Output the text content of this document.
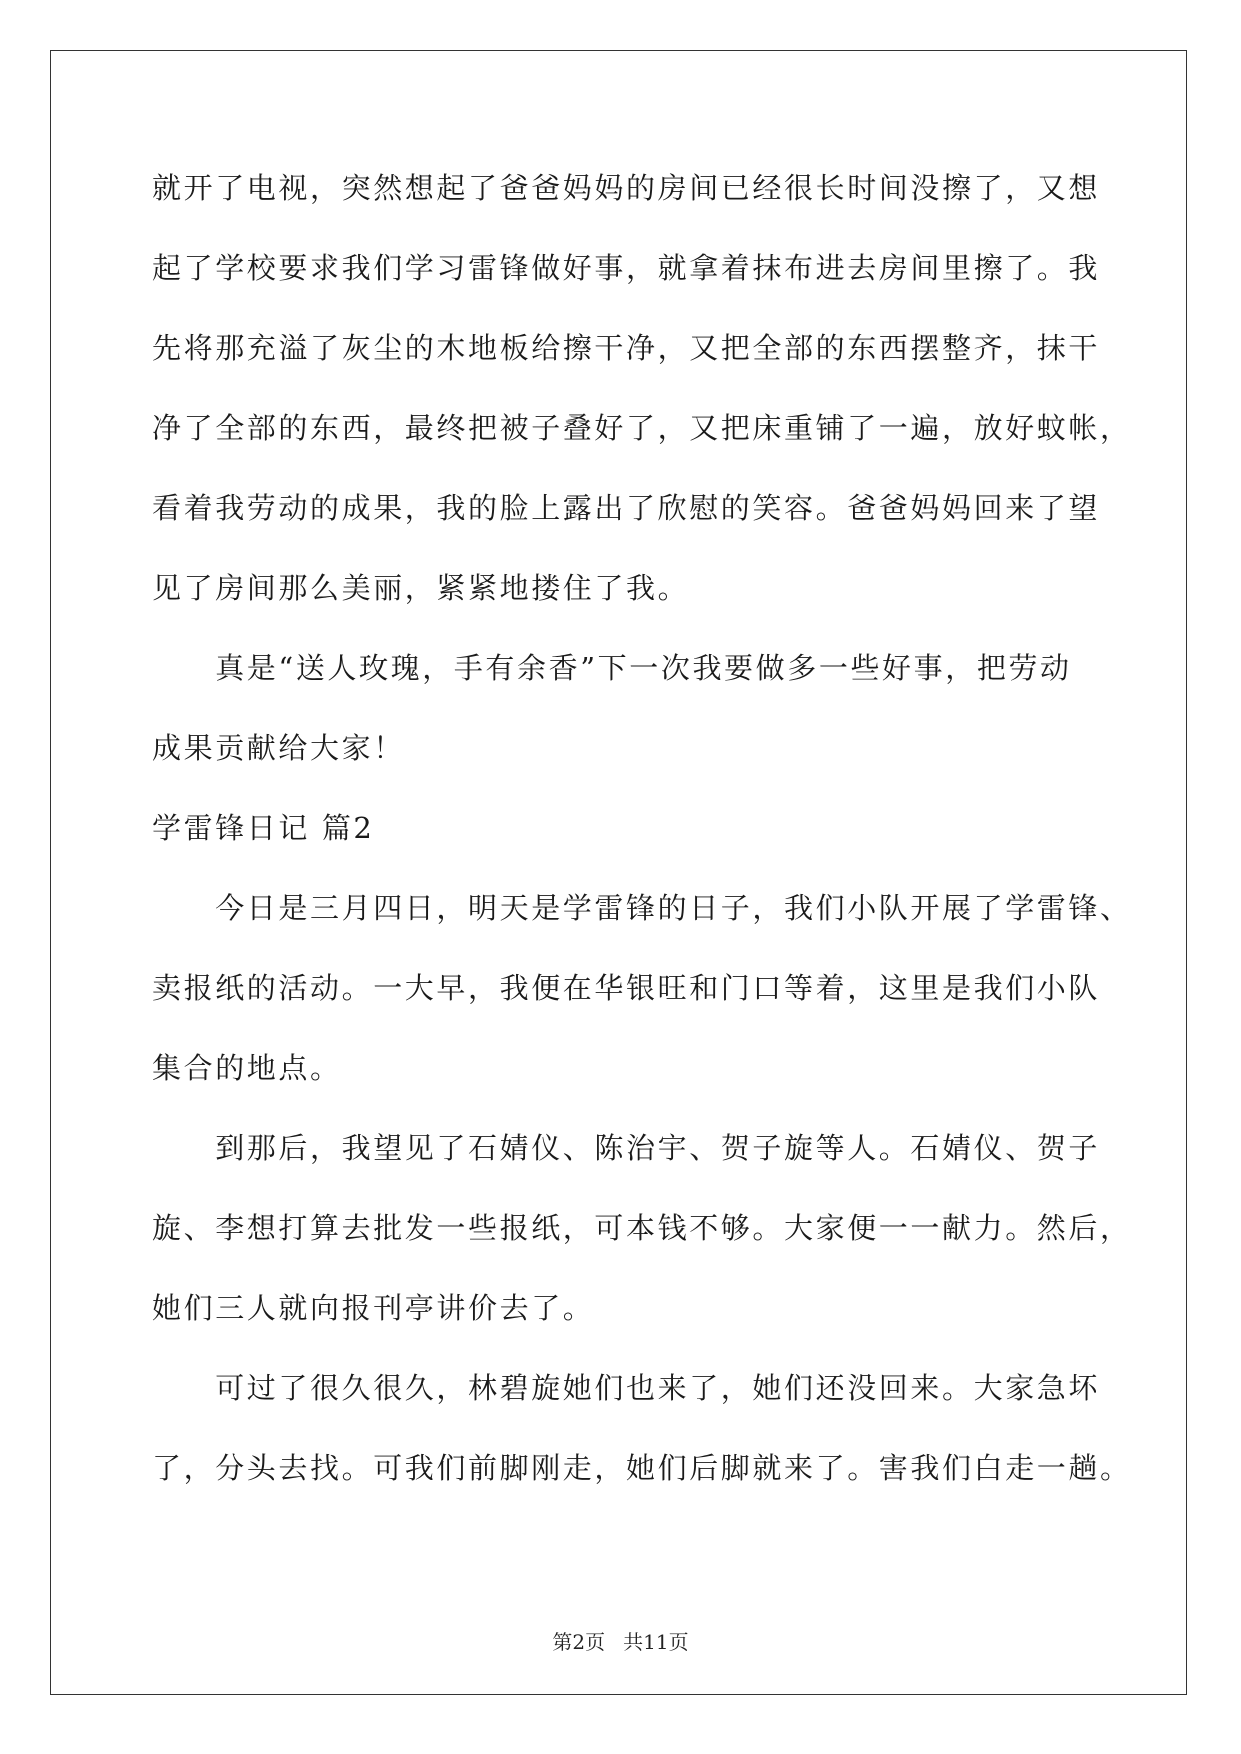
就开了电视，突然想起了爸爸妈妈的房间已经很长时间没擦了，又想
起了学校要求我们学习雷锋做好事，就拿着抹布进去房间里擦了。我
先将那充溢了灰尘的木地板给擦干净，又把全部的东西摆整齐，抹干
净了全部的东西，最终把被子叠好了，又把床重铺了一遍，放好蚊帐，
看着我劳动的成果，我的脸上露出了欣慰的笑容。爸爸妈妈回来了望
见了房间那么美丽，紧紧地搂住了我。
　　真是“送人玫瑰，手有余香”下一次我要做多一些好事，把劳动
成果贡献给大家！
学雷锋日记 篇2
　　今日是三月四日，明天是学雷锋的日子，我们小队开展了学雷锋、
卖报纸的活动。一大早，我便在华银旺和门口等着，这里是我们小队
集合的地点。
　　到那后，我望见了石婧仪、陈治宇、贺子旋等人。石婧仪、贺子
旋、李想打算去批发一些报纸，可本钱不够。大家便一一献力。然后，
她们三人就向报刊亭讲价去了。
　　可过了很久很久，林碧旋她们也来了，她们还没回来。大家急坏
了，分头去找。可我们前脚刚走，她们后脚就来了。害我们白走一趟。
第2页 共11页
